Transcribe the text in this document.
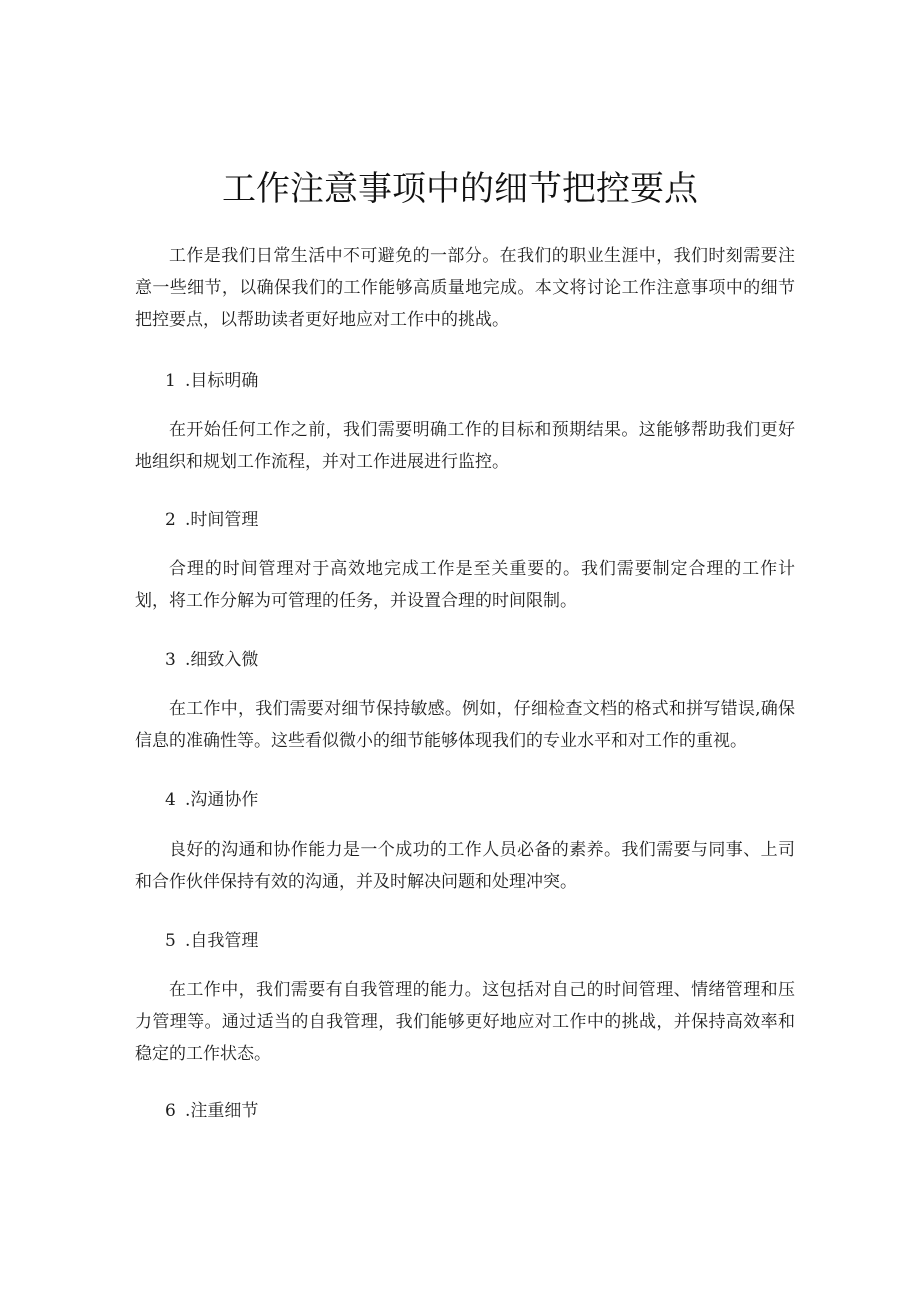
工作注意事项中的细节把控要点

工作是我们日常生活中不可避免的一部分。在我们的职业生涯中，我们时刻需要注意一些细节，以确保我们的工作能够高质量地完成。本文将讨论工作注意事项中的细节把控要点，以帮助读者更好地应对工作中的挑战。

1 .目标明确

在开始任何工作之前，我们需要明确工作的目标和预期结果。这能够帮助我们更好地组织和规划工作流程，并对工作进展进行监控。

2 .时间管理

合理的时间管理对于高效地完成工作是至关重要的。我们需要制定合理的工作计划，将工作分解为可管理的任务，并设置合理的时间限制。

3 .细致入微

在工作中，我们需要对细节保持敏感。例如，仔细检查文档的格式和拼写错误,确保信息的准确性等。这些看似微小的细节能够体现我们的专业水平和对工作的重视。

4 .沟通协作

良好的沟通和协作能力是一个成功的工作人员必备的素养。我们需要与同事、上司和合作伙伴保持有效的沟通，并及时解决问题和处理冲突。

5 .自我管理

在工作中，我们需要有自我管理的能力。这包括对自己的时间管理、情绪管理和压力管理等。通过适当的自我管理，我们能够更好地应对工作中的挑战，并保持高效率和稳定的工作状态。

6 .注重细节
